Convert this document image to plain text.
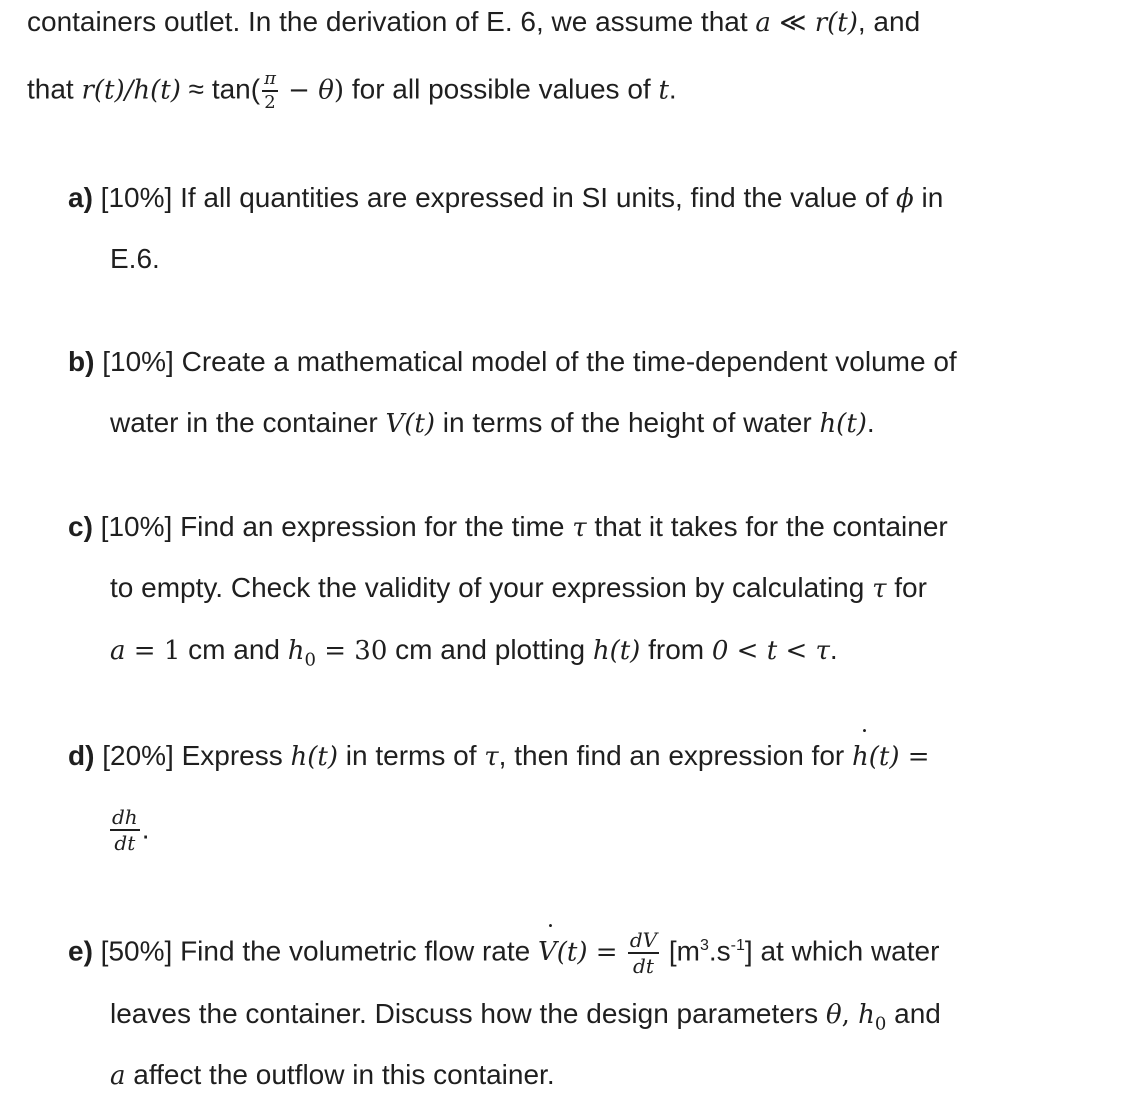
containers outlet. In the derivation of E. 6, we assume that a ≪ r(t), and
that $r(t)/h(t) \approx \tan( \frac{\pi}{2} - \theta)$ for all possible values of t.
a) [10%] If all quantities are expressed in SI units, find the value of ϕ in
E.6.
b) [10%] Create a mathematical model of the time-dependent volume of
water in the container V(t) in terms of the height of water h(t).
c) [10%] Find an expression for the time τ that it takes for the container
to empty. Check the validity of your expression by calculating τ for
a = 1 cm and $h_0 = 30$ cm and plotting h(t) from 0 < t < τ.
d) [20%] Express h(t) in terms of τ, then find an expression for ˙ h(t) =
$\frac{dh}{dt}$ .
e) [50%] Find the volumetric flow rate ˙ $V(t) = \frac{dV}{dt} [m^3.s^{-1}]$ at which water
leaves the container. Discuss how the design parameters θ, $h_0$ and
a affect the outflow in this container.
